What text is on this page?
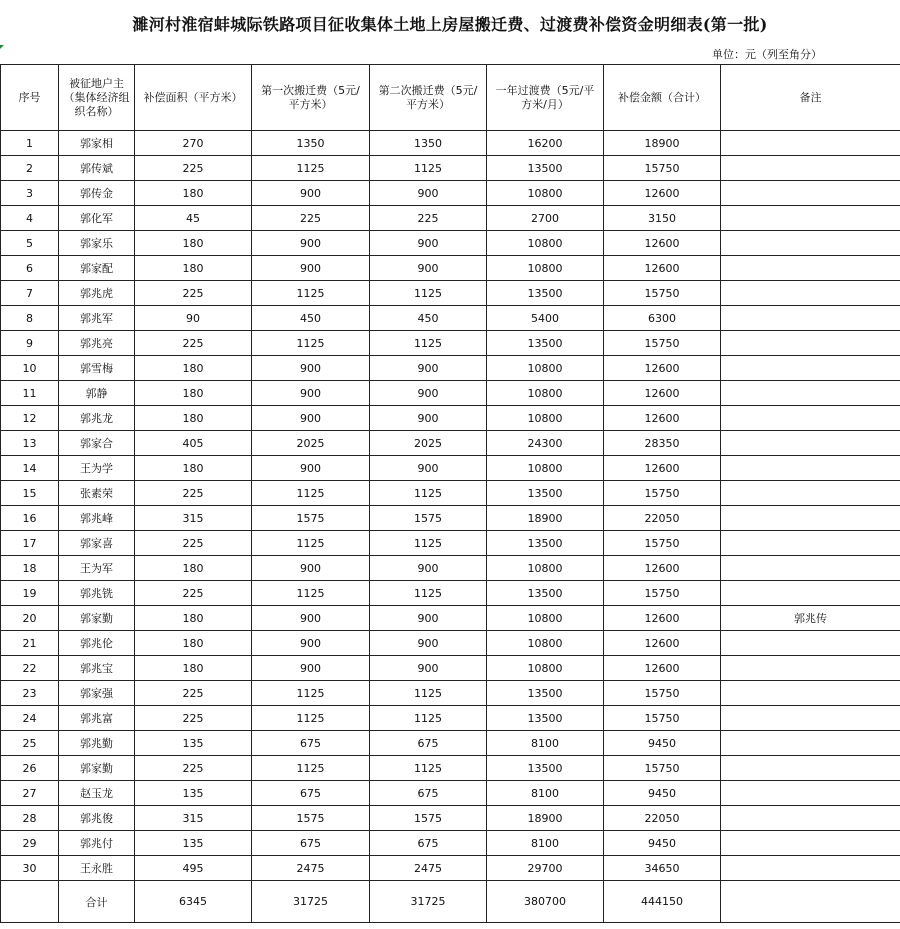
濉河村淮宿蚌城际铁路项目征收集体土地上房屋搬迁费、过渡费补偿资金明细表(第一批)
单位：元（列至角分）
序号	被征地户主（集体经济组织名称）	补偿面积（平方米）	第一次搬迁费（5元/平方米）	第二次搬迁费（5元/平方米）	一年过渡费（5元/平方米/月）	补偿金额（合计）	备注
1	郭家相	270	1350	1350	16200	18900	
2	郭传斌	225	1125	1125	13500	15750	
3	郭传金	180	900	900	10800	12600	
4	郭化军	45	225	225	2700	3150	
5	郭家乐	180	900	900	10800	12600	
6	郭家配	180	900	900	10800	12600	
7	郭兆虎	225	1125	1125	13500	15750	
8	郭兆军	90	450	450	5400	6300	
9	郭兆亮	225	1125	1125	13500	15750	
10	郭雪梅	180	900	900	10800	12600	
11	郭静	180	900	900	10800	12600	
12	郭兆龙	180	900	900	10800	12600	
13	郭家合	405	2025	2025	24300	28350	
14	王为学	180	900	900	10800	12600	
15	张素荣	225	1125	1125	13500	15750	
16	郭兆峰	315	1575	1575	18900	22050	
17	郭家喜	225	1125	1125	13500	15750	
18	王为军	180	900	900	10800	12600	
19	郭兆铣	225	1125	1125	13500	15750	
20	郭家勤	180	900	900	10800	12600	郭兆传
21	郭兆伦	180	900	900	10800	12600	
22	郭兆宝	180	900	900	10800	12600	
23	郭家强	225	1125	1125	13500	15750	
24	郭兆富	225	1125	1125	13500	15750	
25	郭兆勤	135	675	675	8100	9450	
26	郭家勤	225	1125	1125	13500	15750	
27	赵玉龙	135	675	675	8100	9450	
28	郭兆俊	315	1575	1575	18900	22050	
29	郭兆付	135	675	675	8100	9450	
30	王永胜	495	2475	2475	29700	34650	
	合计	6345	31725	31725	380700	444150	
